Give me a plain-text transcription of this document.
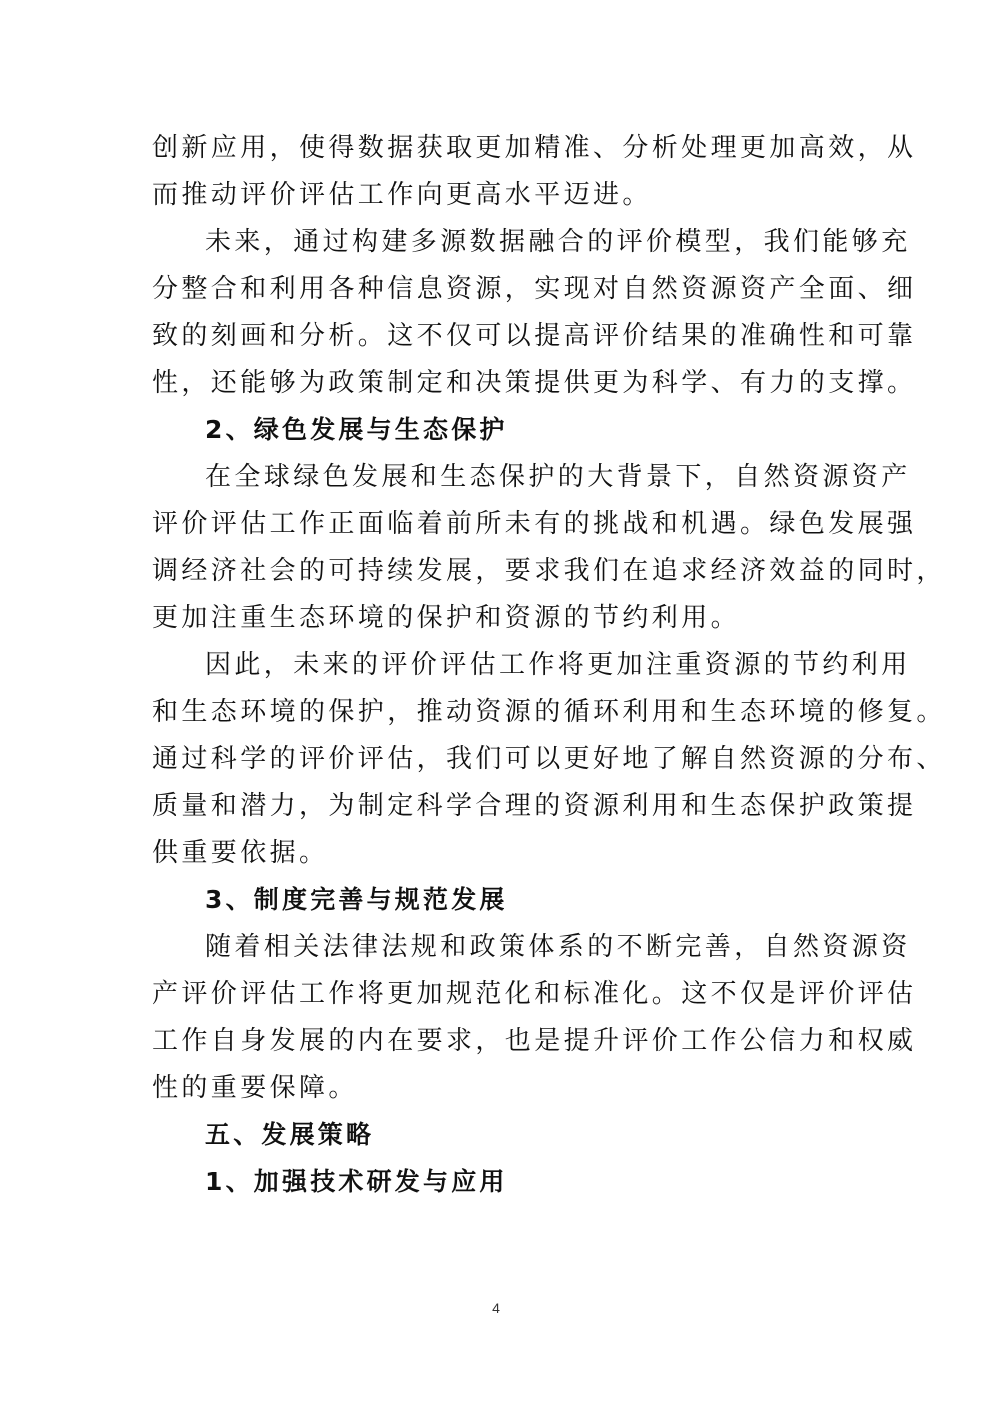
创新应用，使得数据获取更加精准、分析处理更加高效，从
而推动评价评估工作向更高水平迈进。
未来，通过构建多源数据融合的评价模型，我们能够充
分整合和利用各种信息资源，实现对自然资源资产全面、细
致的刻画和分析。这不仅可以提高评价结果的准确性和可靠
性，还能够为政策制定和决策提供更为科学、有力的支撑。
2、绿色发展与生态保护
在全球绿色发展和生态保护的大背景下，自然资源资产
评价评估工作正面临着前所未有的挑战和机遇。绿色发展强
调经济社会的可持续发展，要求我们在追求经济效益的同时，
更加注重生态环境的保护和资源的节约利用。
因此，未来的评价评估工作将更加注重资源的节约利用
和生态环境的保护，推动资源的循环利用和生态环境的修复。
通过科学的评价评估，我们可以更好地了解自然资源的分布、
质量和潜力，为制定科学合理的资源利用和生态保护政策提
供重要依据。
3、制度完善与规范发展
随着相关法律法规和政策体系的不断完善，自然资源资
产评价评估工作将更加规范化和标准化。这不仅是评价评估
工作自身发展的内在要求，也是提升评价工作公信力和权威
性的重要保障。
五、发展策略
1、加强技术研发与应用
4
